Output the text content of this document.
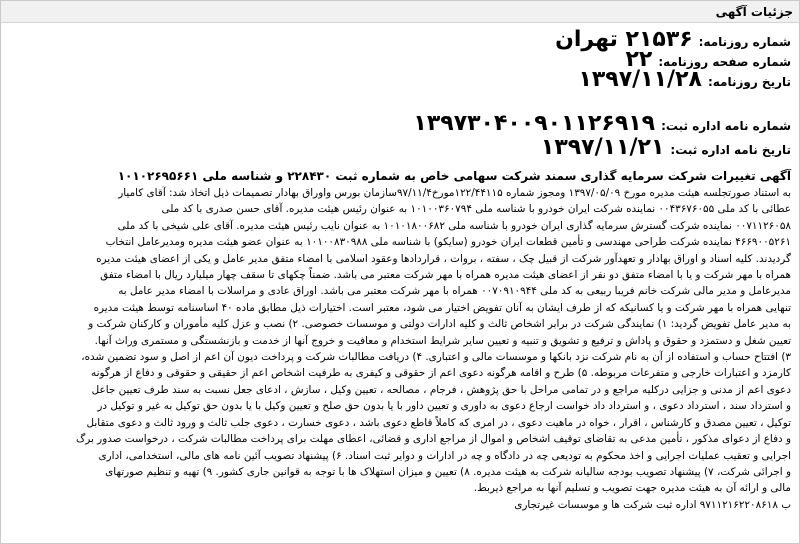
جزئیات آگهی
شماره روزنامه:
۲۱۵۳۶ تهران
شماره صفحه روزنامه:
۲۲
تاریخ روزنامه:
۱۳۹۷/۱۱/۲۸
شماره نامه اداره ثبت:
۱۳۹۷۳۰۴۰۰۹۰۱۱۲۶۹۱۹
تاریخ نامه اداره ثبت:
۱۳۹۷/۱۱/۲۱
آگهی تغییرات شرکت سرمایه گذاری سمند شرکت سهامی خاص به شماره ثبت ۲۲۸۴۳۰ و شناسه ملی ۱۰۱۰۲۶۹۵۶۶۱
به استناد صورتجلسه هیئت مدیره مورخ ۱۳۹۷/۰۵/۰۹ ومجوز شماره ۱۲۲/۴۴۱۱۵مورخ۹۷/۱۱/۴سازمان بورس واوراق بهادار تصمیمات ذیل اتخاذ شد: آقای کامیار
عطائی با کد ملی ۰۰۴۳۶۷۶۰۵۵ نماینده شرکت ایران خودرو با شناسه ملی ۱۰۱۰۰۳۶۰۷۹۴ به عنوان رئیس هیئت مدیره. آقای حسن صدری با کد ملی
۰۰۷۱۱۲۶۰۵۸ نماینده شرکت گسترش سرمایه گذاری ایران خودرو با شناسه ملی ۱۰۱۰۱۸۰۰۶۸۲ به عنوان نایب رئیس هیئت مدیره. آقای علی شیخی با کد ملی
۴۶۶۹۰۰۵۲۶۱ نماینده شرکت طراحی مهندسی و تأمین قطعات ایران خودرو (سایکو) با شناسه ملی ۱۰۱۰۰۸۳۰۹۸۸ به عنوان عضو هیئت مدیره ومدیرعامل انتخاب
گردیدند. کلیه اسناد و اوراق بهادار و تعهدآور شرکت از قبیل چک ، سفته ، بروات ، قراردادها وعقود اسلامی با امضاء متفق مدیر عامل و یکی از اعضای هیئت مدیره
همراه با مهر شرکت و یا با امضاء متفق دو نفر از اعضای هیئت مدیره همراه با مهر شرکت معتبر می باشد. ضمناً چکهای تا سقف چهار میلیارد ریال با امضاء متفق
مدیرعامل و مدیر مالی شرکت خانم فریبا ربیعی به کد ملی ۰۰۷۰۹۱۰۹۴۴ همراه با مهر شرکت معتبر می باشد. اوراق عادی و مراسلات با امضاء مدیر عامل به
تنهایی همراه با مهر شرکت و یا کسانیکه که از طرف ایشان به آنان تفویض اختیار می شود، معتبر است. اختیارات ذیل مطابق ماده ۴۰ اساسنامه توسط هیئت مدیره
به مدیر عامل تفویض گردید: ۱) نمایندگی شرکت در برابر اشخاص ثالث و کلیه ادارات دولتی و موسسات خصوصی. ۲) نصب و عزل کلیه مأموران و کارکنان شرکت و
تعیین شغل و دستمزد و حقوق و پاداش و ترفیع و تشویق و تنبیه و تعیین سایر شرایط استخدام و معافیت و خروج آنها از خدمت و بازنشستگی و مستمری وراث آنها.
۳) افتتاح حساب و استفاده از آن به نام شرکت نزد بانکها و موسسات مالی و اعتباری. ۴) دریافت مطالبات شرکت و پرداخت دیون آن اعم از اصل و سود تضمین شده،
کارمزد و اعتبارات خارجی و متفرعات مربوطه. ۵) طرح و اقامه هرگونه دعوی اعم از حقوقی و کیفری به طرفیت اشخاص اعم از حقیقی و حقوقی و دفاع از هرگونه
دعوی اعم از مدنی و جزایی درکلیه مراجع و در تمامی مراحل با حق پژوهش ، فرجام ، مصالحه ، تعیین وکیل ، سازش ، ادعای جعل نسبت به سند طرف تعیین جاعل
و استرداد سند ، استرداد دعوی ، و استرداد داد خواست ارجاع دعوی به داوری و تعیین داور با یا بدون حق صلح و تعیین وکیل با یا بدون حق توکیل به غیر و توکیل در
توکیل ، تعیین مصدق و کارشناس ، اقرار ، خواه در ماهیت دعوی ، در امری که کاملاً قاطع دعوی باشد ، دعوی خسارت ، دعوی جلب ثالث و ورود ثالث و دعوی متقابل
و دفاع از دعوای مذکور ، تأمین مدعی به تقاضای توقیف اشخاص و اموال از مراجع اداری و قضائی، اعطای مهلت برای پرداخت مطالبات شرکت ، درخواست صدور برگ
اجرایی و تعقیب عملیات اجرایی و اخذ محکوم به تودیعی چه در دادگاه و چه در ادارات و دوایر ثبت اسناد. ۶) پیشنهاد تصویب آئین نامه های مالی، استخدامی، اداری
و اجرائی شرکت، ۷) پیشنهاد تصویب بودجه سالیانه شرکت به هیئت مدیره. ۸) تعیین و میزان استهلاک ها با توجه به قوانین جاری کشور. ۹) تهیه و تنظیم صورتهای
مالی و ارائه آن به هیئت مدیره جهت تصویب و تسلیم آنها به مراجع ذیربط.
ب ۹۷۱۱۲۱۶۲۲۰۸۶۱۸ اداره ثبت شرکت ها و موسسات غیرتجاری
